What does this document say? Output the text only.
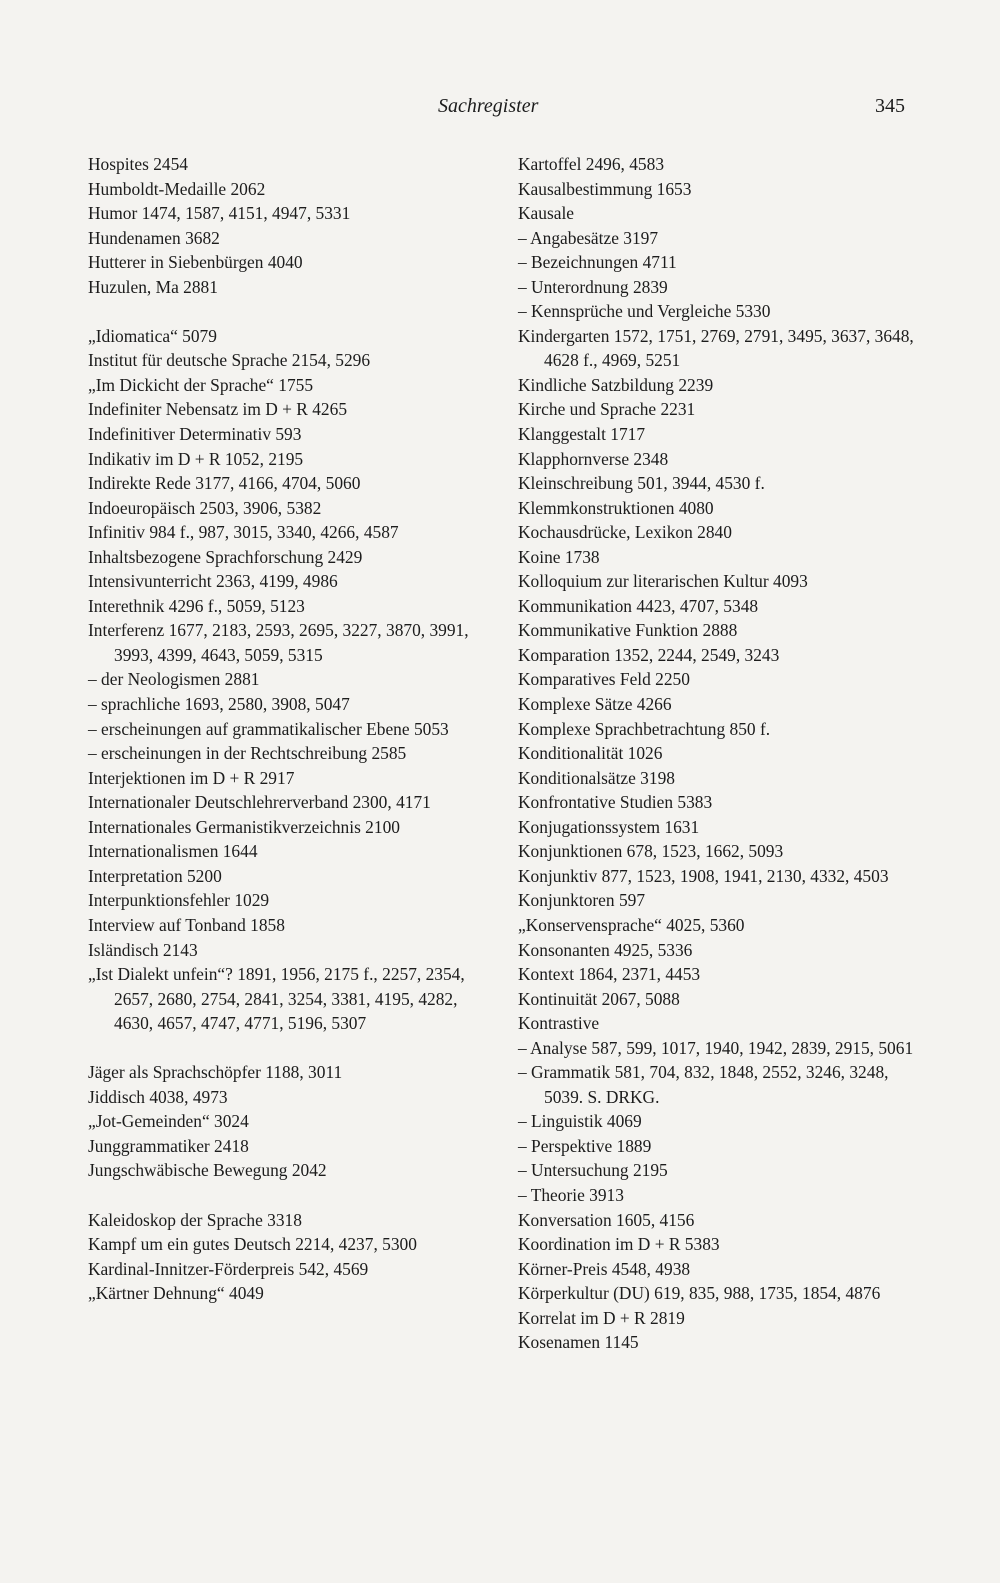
Sachregister	345
Hospites 2454
Humboldt-Medaille 2062
Humor 1474, 1587, 4151, 4947, 5331
Hundenamen 3682
Hutterer in Siebenbürgen 4040
Huzulen, Ma 2881
„Idiomatica“ 5079
Institut für deutsche Sprache 2154, 5296
„Im Dickicht der Sprache“ 1755
Indefiniter Nebensatz im D + R 4265
Indefinitiver Determinativ 593
Indikativ im D + R 1052, 2195
Indirekte Rede 3177, 4166, 4704, 5060
Indoeuropäisch 2503, 3906, 5382
Infinitiv 984 f., 987, 3015, 3340, 4266, 4587
Inhaltsbezogene Sprachforschung 2429
Intensivunterricht 2363, 4199, 4986
Interethnik 4296 f., 5059, 5123
Interferenz 1677, 2183, 2593, 2695, 3227, 3870, 3991, 3993, 4399, 4643, 5059, 5315
– der Neologismen 2881
– sprachliche 1693, 2580, 3908, 5047
– erscheinungen auf grammatikalischer Ebene 5053
– erscheinungen in der Rechtschreibung 2585
Interjektionen im D + R 2917
Internationaler Deutschlehrerverband 2300, 4171
Internationales Germanistikverzeichnis 2100
Internationalismen 1644
Interpretation 5200
Interpunktionsfehler 1029
Interview auf Tonband 1858
Isländisch 2143
„Ist Dialekt unfein“? 1891, 1956, 2175 f., 2257, 2354, 2657, 2680, 2754, 2841, 3254, 3381, 4195, 4282, 4630, 4657, 4747, 4771, 5196, 5307
Jäger als Sprachschöpfer 1188, 3011
Jiddisch 4038, 4973
„Jot-Gemeinden“ 3024
Junggrammatiker 2418
Jungschwäbische Bewegung 2042
Kaleidoskop der Sprache 3318
Kampf um ein gutes Deutsch 2214, 4237, 5300
Kardinal-Innitzer-Förderpreis 542, 4569
„Kärtner Dehnung“ 4049
Kartoffel 2496, 4583
Kausalbestimmung 1653
Kausale
– Angabesätze 3197
– Bezeichnungen 4711
– Unterordnung 2839
– Kennsprüche und Vergleiche 5330
Kindergarten 1572, 1751, 2769, 2791, 3495, 3637, 3648, 4628 f., 4969, 5251
Kindliche Satzbildung 2239
Kirche und Sprache 2231
Klanggestalt 1717
Klapphornverse 2348
Kleinschreibung 501, 3944, 4530 f.
Klemmkonstruktionen 4080
Kochausdrücke, Lexikon 2840
Koine 1738
Kolloquium zur literarischen Kultur 4093
Kommunikation 4423, 4707, 5348
Kommunikative Funktion 2888
Komparation 1352, 2244, 2549, 3243
Komparatives Feld 2250
Komplexe Sätze 4266
Komplexe Sprachbetrachtung 850 f.
Konditionalität 1026
Konditionalsätze 3198
Konfrontative Studien 5383
Konjugationssystem 1631
Konjunktionen 678, 1523, 1662, 5093
Konjunktiv 877, 1523, 1908, 1941, 2130, 4332, 4503
Konjunktoren 597
„Konservensprache“ 4025, 5360
Konsonanten 4925, 5336
Kontext 1864, 2371, 4453
Kontinuität 2067, 5088
Kontrastive
– Analyse 587, 599, 1017, 1940, 1942, 2839, 2915, 5061
– Grammatik 581, 704, 832, 1848, 2552, 3246, 3248, 5039. S. DRKG.
– Linguistik 4069
– Perspektive 1889
– Untersuchung 2195
– Theorie 3913
Konversation 1605, 4156
Koordination im D + R 5383
Körner-Preis 4548, 4938
Körperkultur (DU) 619, 835, 988, 1735, 1854, 4876
Korrelat im D + R 2819
Kosenamen 1145
